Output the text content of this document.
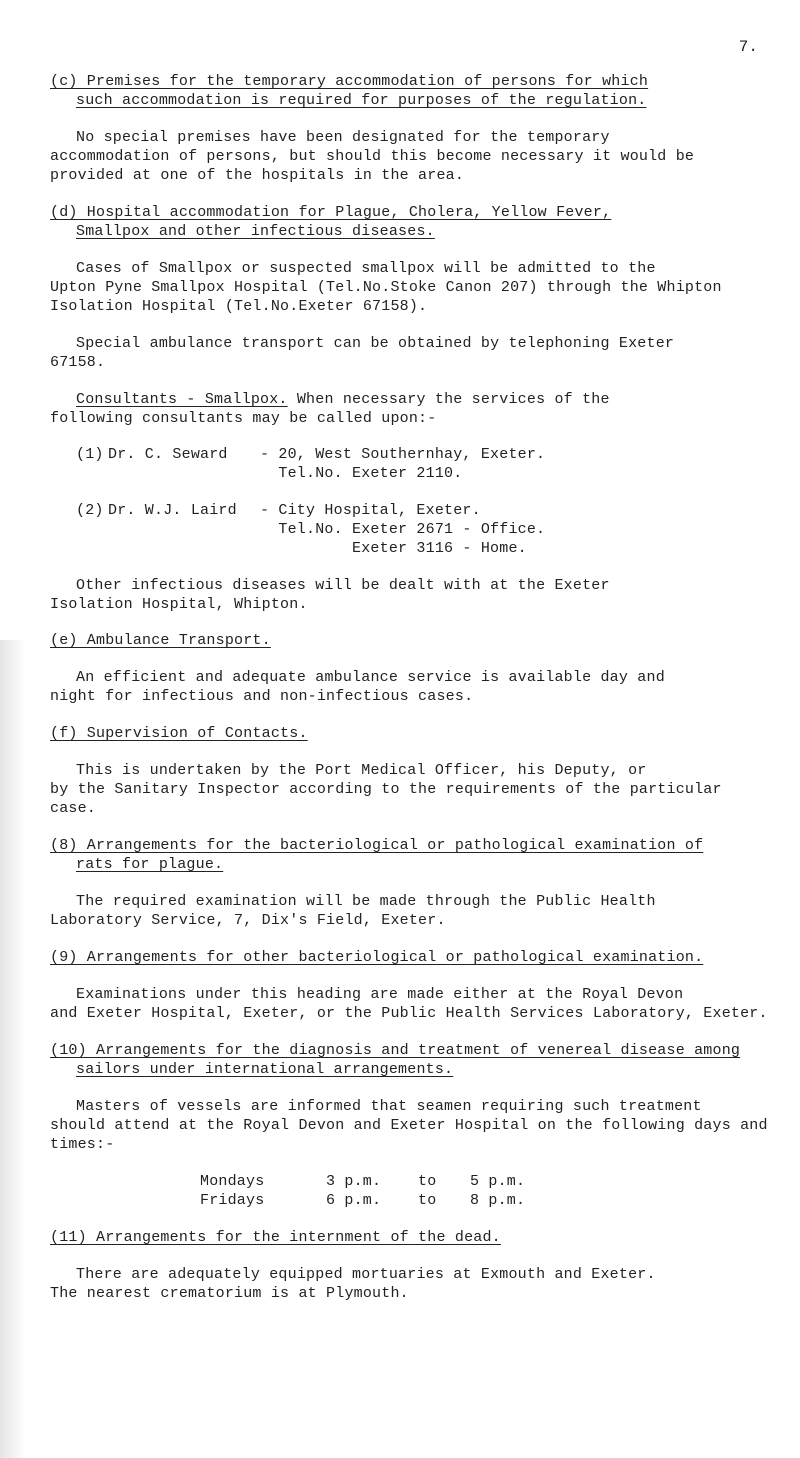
7.
(c) Premises for the temporary accommodation of persons for which
such accommodation is required for purposes of the regulation.
No special premises have been designated for the temporary
accommodation of persons, but should this become necessary it would be
provided at one of the hospitals in the area.
(d) Hospital accommodation for Plague, Cholera, Yellow Fever,
Smallpox and other infectious diseases.
Cases of Smallpox or suspected smallpox will be admitted to the
Upton Pyne Smallpox Hospital (Tel.No.Stoke Canon 207) through the Whipton
Isolation Hospital (Tel.No.Exeter 67158).
Special ambulance transport can be obtained by telephoning Exeter
67158.
Consultants - Smallpox. When necessary the services of the
following consultants may be called upon:-
(1) Dr. C. Seward - 20, West Southernhay, Exeter.
Tel.No. Exeter 2110.
(2) Dr. W.J. Laird - City Hospital, Exeter.
Tel.No. Exeter 2671 - Office.
Exeter 3116 - Home.
Other infectious diseases will be dealt with at the Exeter
Isolation Hospital, Whipton.
(e) Ambulance Transport.
An efficient and adequate ambulance service is available day and
night for infectious and non-infectious cases.
(f) Supervision of Contacts.
This is undertaken by the Port Medical Officer, his Deputy, or
by the Sanitary Inspector according to the requirements of the particular
case.
(8) Arrangements for the bacteriological or pathological examination of
rats for plague.
The required examination will be made through the Public Health
Laboratory Service, 7, Dix's Field, Exeter.
(9) Arrangements for other bacteriological or pathological examination.
Examinations under this heading are made either at the Royal Devon
and Exeter Hospital, Exeter, or the Public Health Services Laboratory, Exeter.
(10) Arrangements for the diagnosis and treatment of venereal disease among
sailors under international arrangements.
Masters of vessels are informed that seamen requiring such treatment
should attend at the Royal Devon and Exeter Hospital on the following days and
times:-
Mondays	3 p.m. to 5 p.m.
Fridays	6 p.m. to 8 p.m.
(11) Arrangements for the internment of the dead.
There are adequately equipped mortuaries at Exmouth and Exeter.
The nearest crematorium is at Plymouth.
